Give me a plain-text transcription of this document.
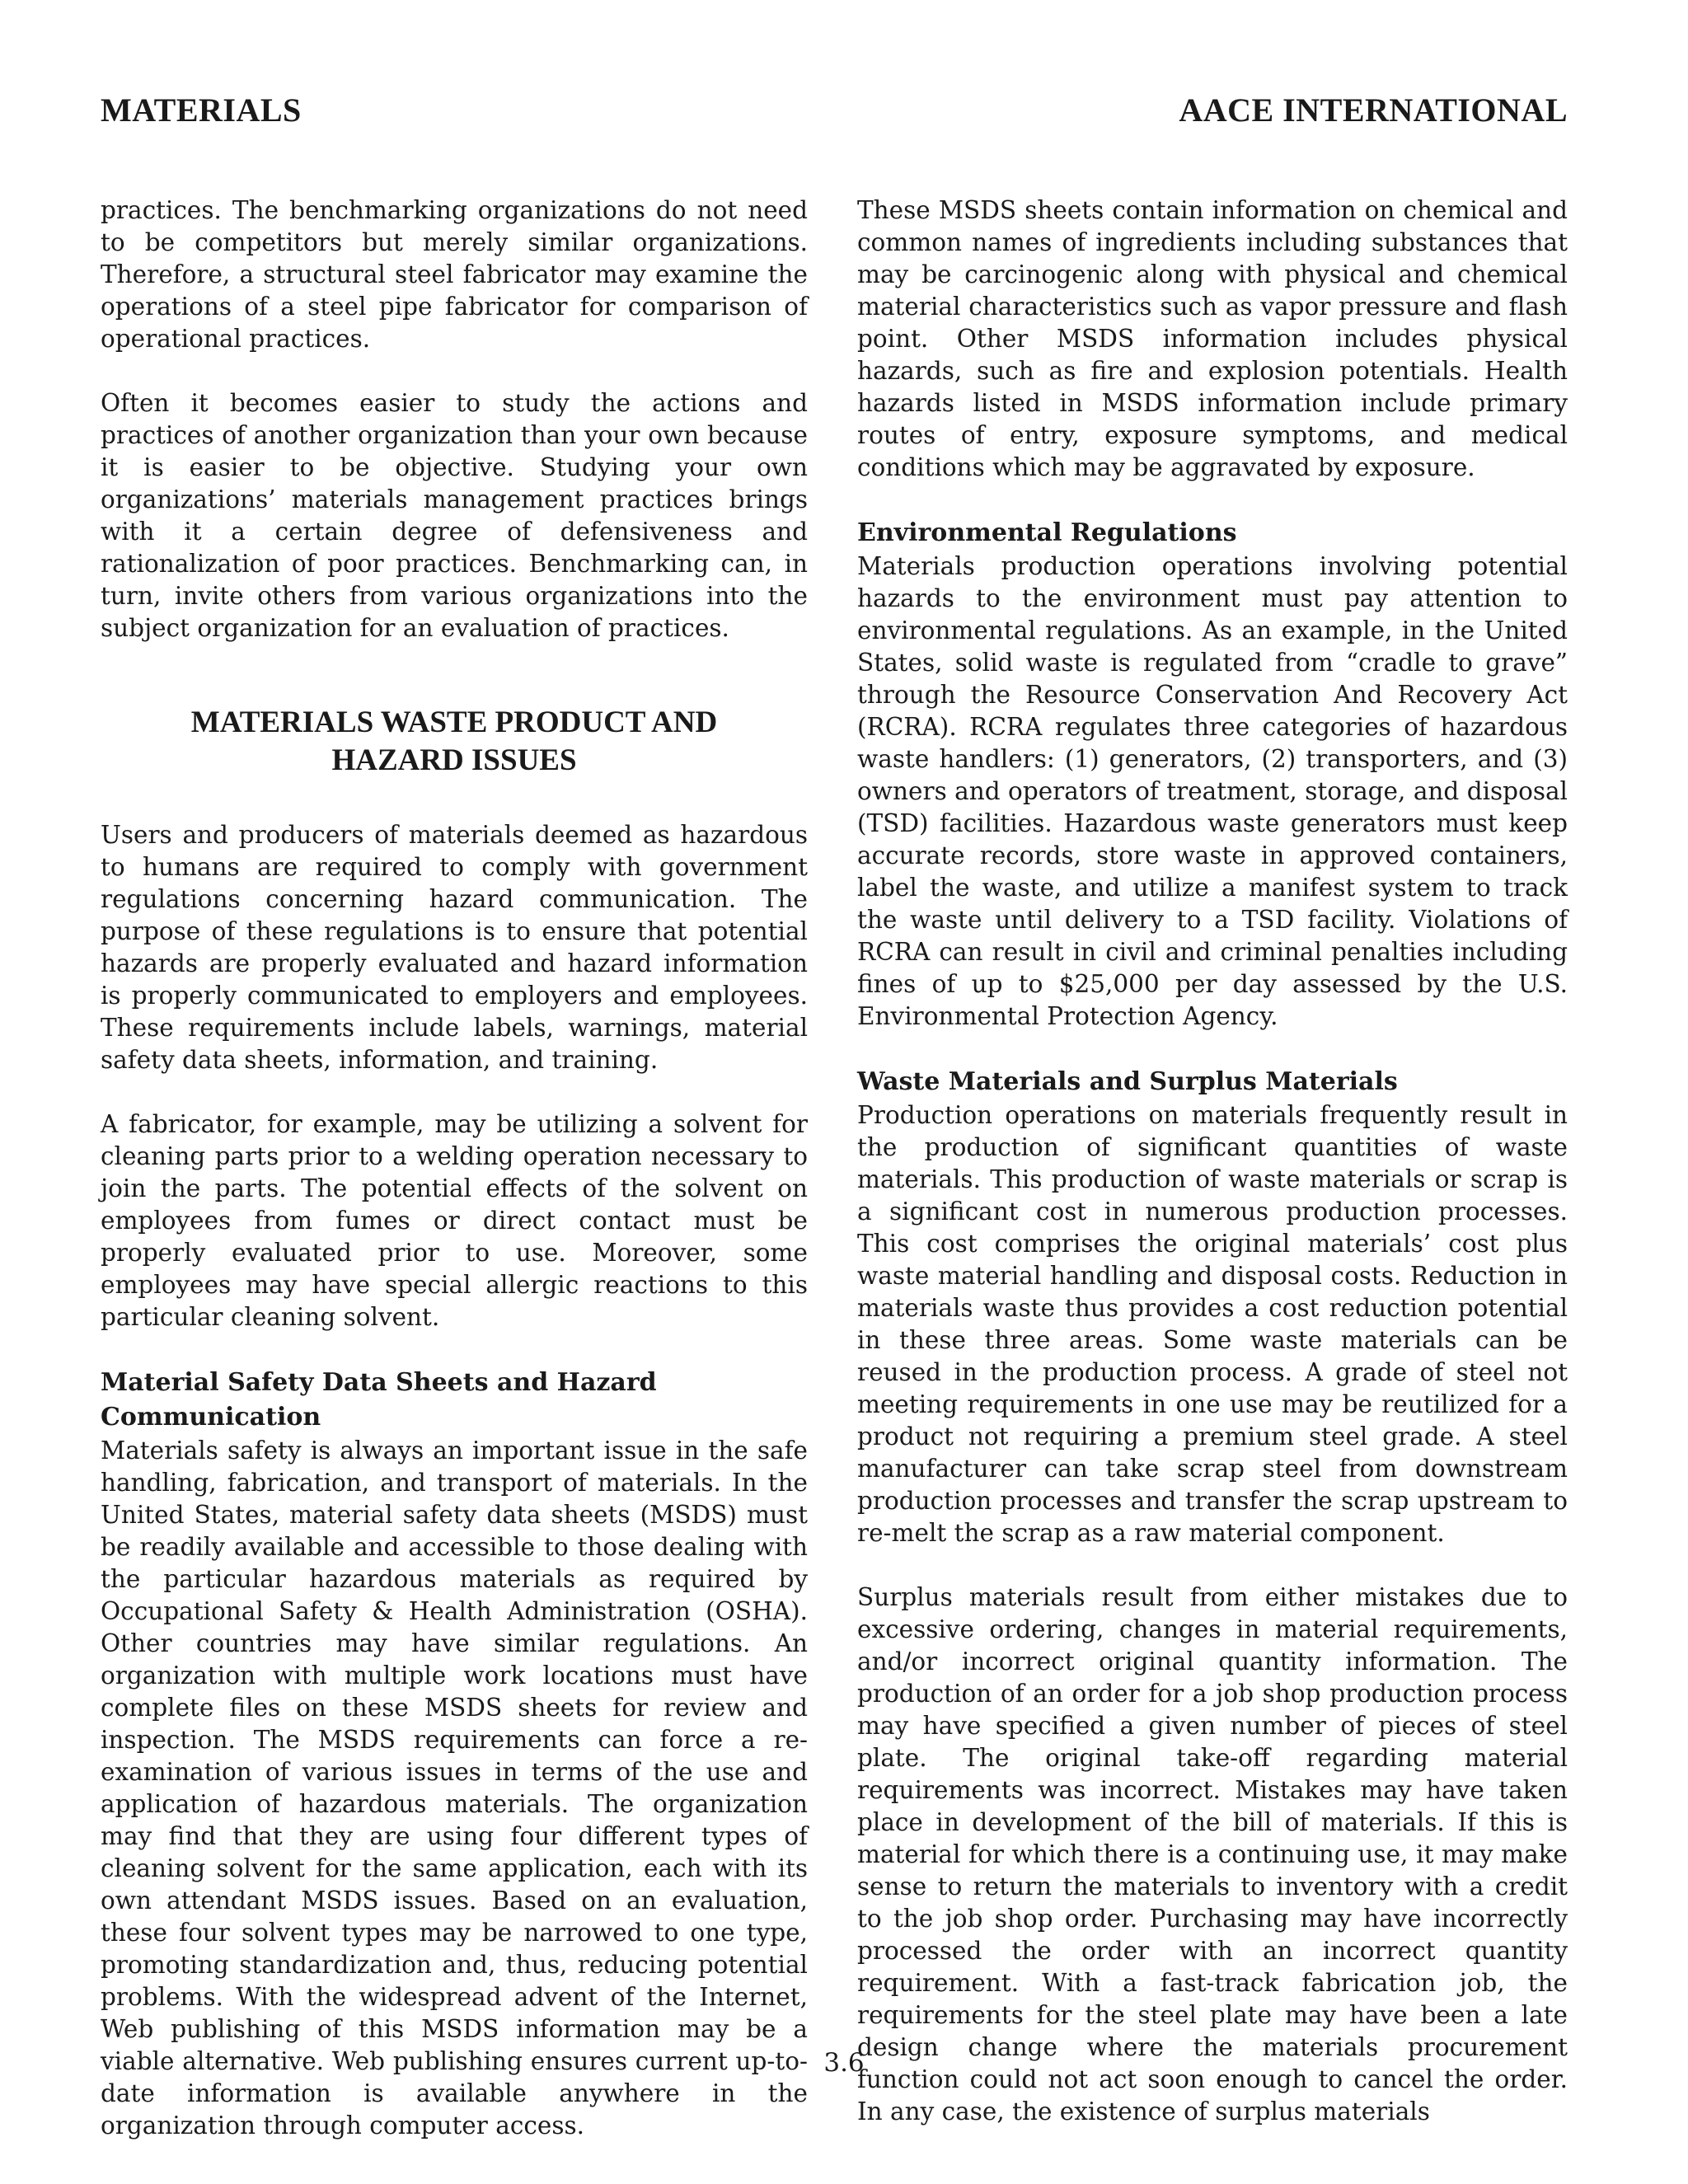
MATERIALS	AACE INTERNATIONAL

practices. The benchmarking organizations do not need to be competitors but merely similar organizations. Therefore, a structural steel fabricator may examine the operations of a steel pipe fabricator for comparison of operational practices.

Often it becomes easier to study the actions and practices of another organization than your own because it is easier to be objective. Studying your own organizations’ materials management practices brings with it a certain degree of defensiveness and rationalization of poor practices. Benchmarking can, in turn, invite others from various organizations into the subject organization for an evaluation of practices.

MATERIALS WASTE PRODUCT AND
HAZARD ISSUES

Users and producers of materials deemed as hazardous to humans are required to comply with government regulations concerning hazard communication. The purpose of these regulations is to ensure that potential hazards are properly evaluated and hazard information is properly communicated to employers and employees. These requirements include labels, warnings, material safety data sheets, information, and training.

A fabricator, for example, may be utilizing a solvent for cleaning parts prior to a welding operation necessary to join the parts. The potential effects of the solvent on employees from fumes or direct contact must be properly evaluated prior to use. Moreover, some employees may have special allergic reactions to this particular cleaning solvent.

Material Safety Data Sheets and Hazard Communication

Materials safety is always an important issue in the safe handling, fabrication, and transport of materials. In the United States, material safety data sheets (MSDS) must be readily available and accessible to those dealing with the particular hazardous materials as required by Occupational Safety & Health Administration (OSHA). Other countries may have similar regulations. An organization with multiple work locations must have complete files on these MSDS sheets for review and inspection. The MSDS requirements can force a re-examination of various issues in terms of the use and application of hazardous materials. The organization may find that they are using four different types of cleaning solvent for the same application, each with its own attendant MSDS issues. Based on an evaluation, these four solvent types may be narrowed to one type, promoting standardization and, thus, reducing potential problems. With the widespread advent of the Internet, Web publishing of this MSDS information may be a viable alternative. Web publishing ensures current up-to-date information is available anywhere in the organization through computer access.

These MSDS sheets contain information on chemical and common names of ingredients including substances that may be carcinogenic along with physical and chemical material characteristics such as vapor pressure and flash point. Other MSDS information includes physical hazards, such as fire and explosion potentials. Health hazards listed in MSDS information include primary routes of entry, exposure symptoms, and medical conditions which may be aggravated by exposure.

Environmental Regulations

Materials production operations involving potential hazards to the environment must pay attention to environmental regulations. As an example, in the United States, solid waste is regulated from “cradle to grave” through the Resource Conservation And Recovery Act (RCRA). RCRA regulates three categories of hazardous waste handlers: (1) generators, (2) transporters, and (3) owners and operators of treatment, storage, and disposal (TSD) facilities. Hazardous waste generators must keep accurate records, store waste in approved containers, label the waste, and utilize a manifest system to track the waste until delivery to a TSD facility. Violations of RCRA can result in civil and criminal penalties including fines of up to $25,000 per day assessed by the U.S. Environmental Protection Agency.

Waste Materials and Surplus Materials

Production operations on materials frequently result in the production of significant quantities of waste materials. This production of waste materials or scrap is a significant cost in numerous production processes. This cost comprises the original materials’ cost plus waste material handling and disposal costs. Reduction in materials waste thus provides a cost reduction potential in these three areas. Some waste materials can be reused in the production process. A grade of steel not meeting requirements in one use may be reutilized for a product not requiring a premium steel grade. A steel manufacturer can take scrap steel from downstream production processes and transfer the scrap upstream to re-melt the scrap as a raw material component.

Surplus materials result from either mistakes due to excessive ordering, changes in material requirements, and/or incorrect original quantity information. The production of an order for a job shop production process may have specified a given number of pieces of steel plate. The original take-off regarding material requirements was incorrect. Mistakes may have taken place in development of the bill of materials. If this is material for which there is a continuing use, it may make sense to return the materials to inventory with a credit to the job shop order. Purchasing may have incorrectly processed the order with an incorrect quantity requirement. With a fast-track fabrication job, the requirements for the steel plate may have been a late design change where the materials procurement function could not act soon enough to cancel the order. In any case, the existence of surplus materials

3.6
